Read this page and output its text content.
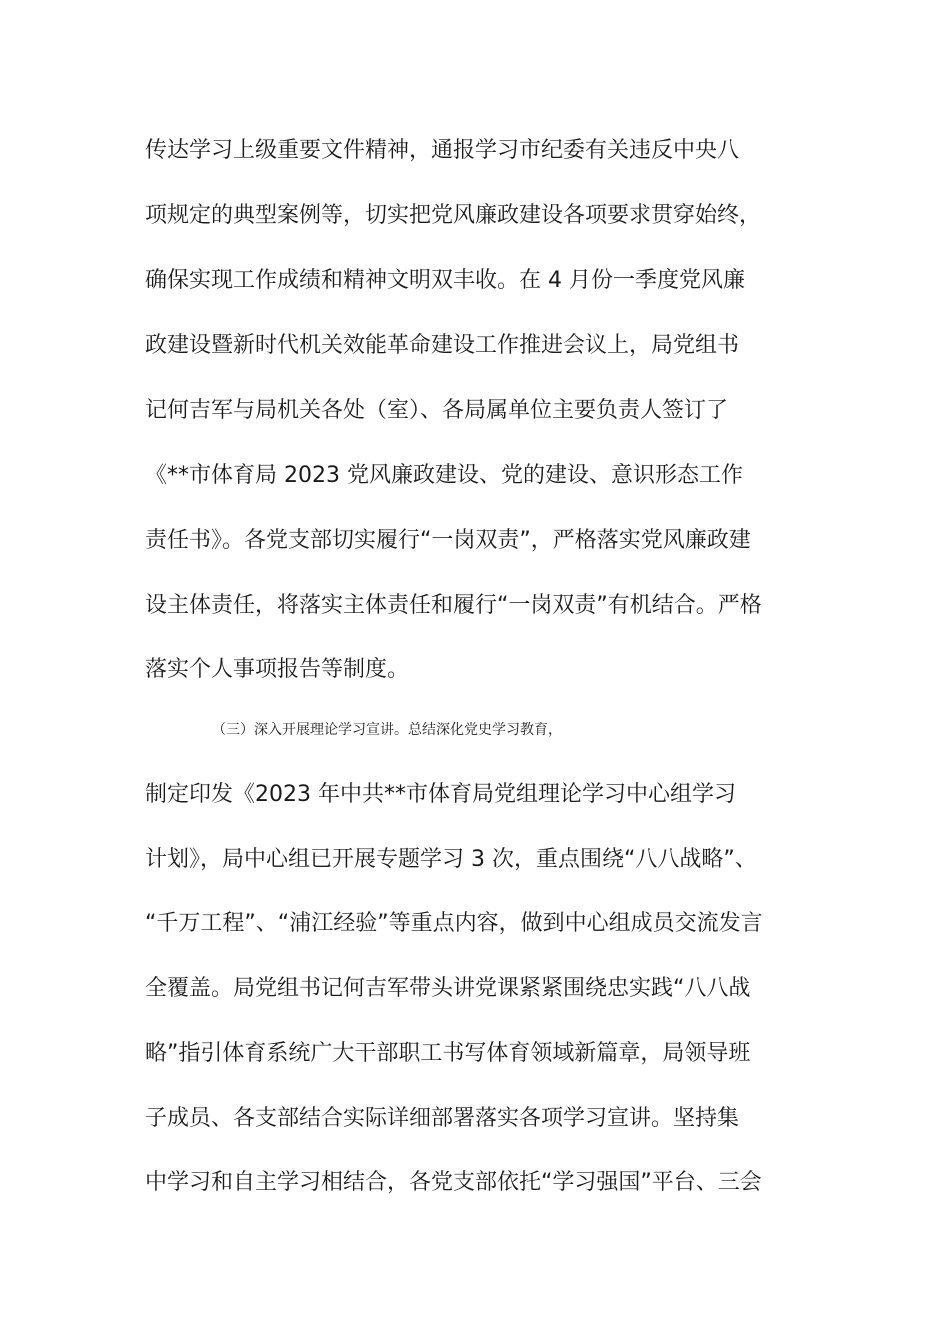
传达学习上级重要文件精神，通报学习市纪委有关违反中央八
项规定的典型案例等，切实把党风廉政建设各项要求贯穿始终，
确保实现工作成绩和精神文明双丰收。在 4 月份一季度党风廉
政建设暨新时代机关效能革命建设工作推进会议上，局党组书
记何吉军与局机关各处（室）、各局属单位主要负责人签订了
《**市体育局 2023 党风廉政建设、党的建设、意识形态工作
责任书》。各党支部切实履行“一岗双责”，严格落实党风廉政建
设主体责任，将落实主体责任和履行“一岗双责”有机结合。严格
落实个人事项报告等制度。
（三）深入开展理论学习宣讲。总结深化党史学习教育，
制定印发《2023 年中共**市体育局党组理论学习中心组学习
计划》，局中心组已开展专题学习 3 次，重点围绕“八八战略”、
“千万工程”、“浦江经验”等重点内容，做到中心组成员交流发言
全覆盖。局党组书记何吉军带头讲党课紧紧围绕忠实践“八八战
略”指引体育系统广大干部职工书写体育领域新篇章，局领导班
子成员、各支部结合实际详细部署落实各项学习宣讲。坚持集
中学习和自主学习相结合，各党支部依托“学习强国”平台、三会
